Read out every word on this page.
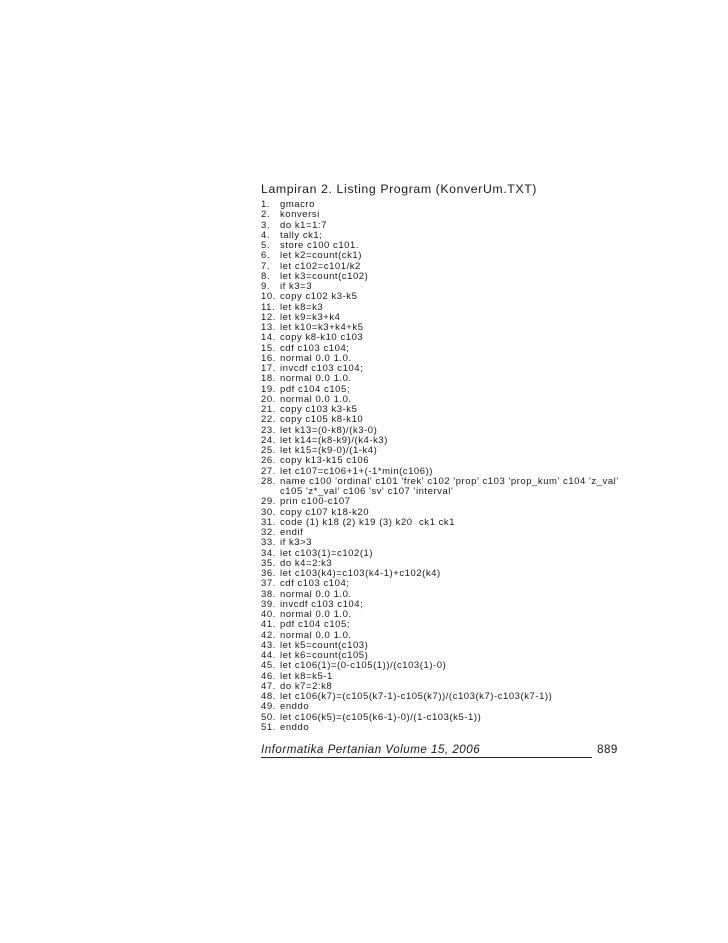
Lampiran 2. Listing Program (KonverUm.TXT)
1.	gmacro
2.	konversi
3.	do k1=1:7
4.	tally ck1;
5.	store c100 c101.
6.	let k2=count(ck1)
7.	let c102=c101/k2
8.	let k3=count(c102)
9.	if k3=3
10. copy c102 k3-k5
11. let k8=k3
12. let k9=k3+k4
13. let k10=k3+k4+k5
14. copy k8-k10 c103
15. cdf c103 c104;
16. normal 0.0 1.0.
17. invcdf c103 c104;
18. normal 0.0 1.0.
19. pdf c104 c105;
20. normal 0.0 1.0.
21. copy c103 k3-k5
22. copy c105 k8-k10
23. let k13=(0-k8)/(k3-0)
24. let k14=(k8-k9)/(k4-k3)
25. let k15=(k9-0)/(1-k4)
26. copy k13-k15 c106
27. let c107=c106+1+(-1*min(c106))
28. name c100 'ordinal' c101 'frek' c102 'prop' c103 'prop_kum' c104 'z_val' c105 'z*_val' c106 'sv' c107 'interval'
29. prin c100-c107
30. copy c107 k18-k20
31. code (1) k18 (2) k19 (3) k20  ck1 ck1
32. endif
33. if k3>3
34. let c103(1)=c102(1)
35. do k4=2:k3
36. let c103(k4)=c103(k4-1)+c102(k4)
37. cdf c103 c104;
38. normal 0.0 1.0.
39. invcdf c103 c104;
40. normal 0.0 1.0.
41. pdf c104 c105;
42. normal 0.0 1.0.
43. let k5=count(c103)
44. let k6=count(c105)
45. let c106(1)=(0-c105(1))/(c103(1)-0)
46. let k8=k5-1
47. do k7=2:k8
48. let c106(k7)=(c105(k7-1)-c105(k7))/(c103(k7)-c103(k7-1))
49. enddo
50. let c106(k5)=(c105(k6-1)-0)/(1-c103(k5-1))
51. enddo
Informatika Pertanian Volume 15, 2006	889
